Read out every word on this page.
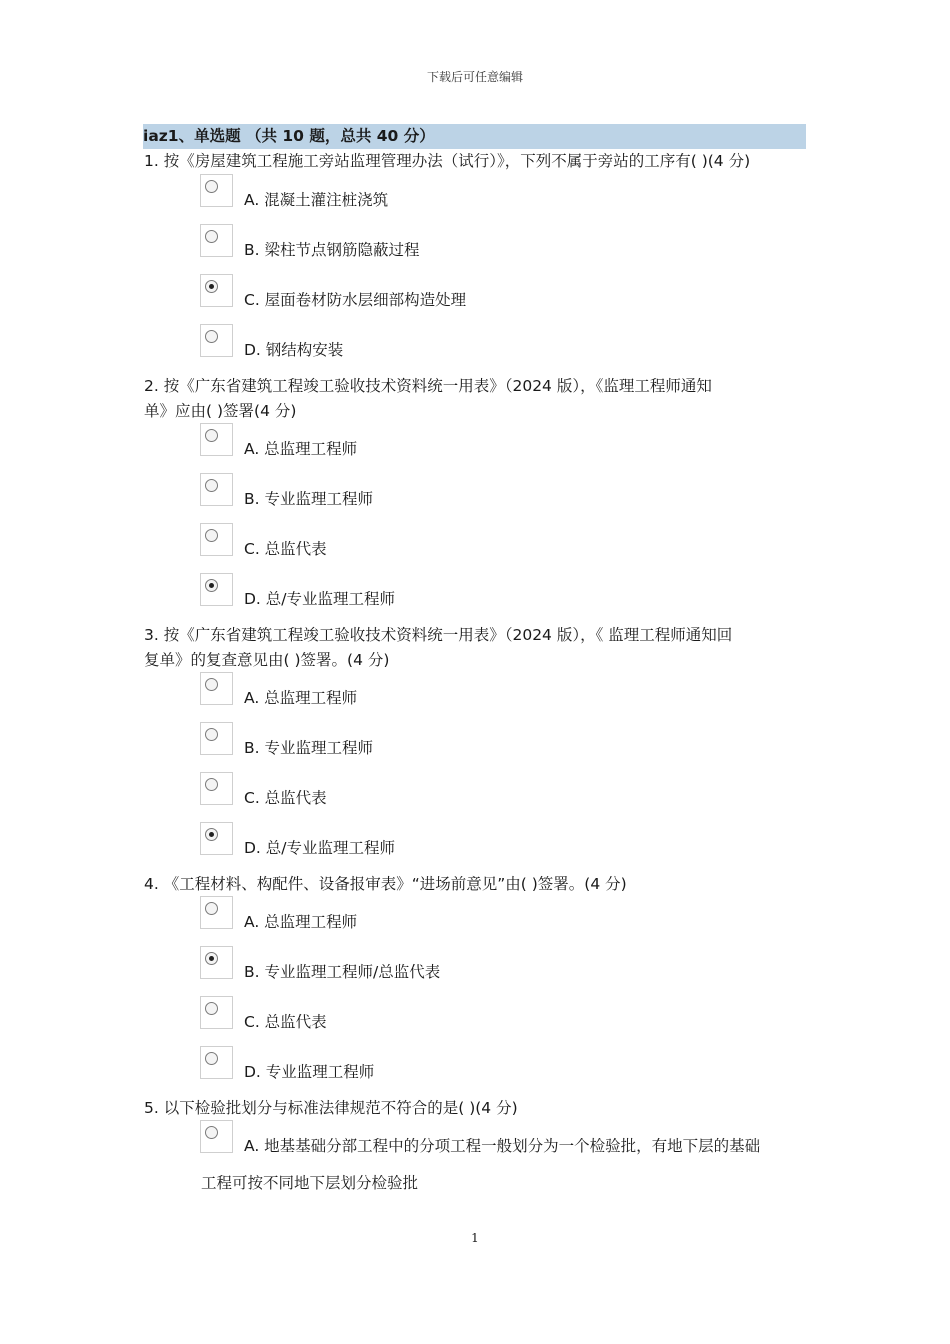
下载后可任意编辑
iaz1、单选题 （共 10 题，总共 40 分）
1. 按《房屋建筑工程施工旁站监理管理办法（试行）》，下列不属于旁站的工序有( )(4 分)
A. 混凝土灌注桩浇筑
B. 梁柱节点钢筋隐蔽过程
C. 屋面卷材防水层细部构造处理
D. 钢结构安装
2. 按《广东省建筑工程竣工验收技术资料统一用表》（2024 版），《监理工程师通知
单》应由( )签署(4 分)
A. 总监理工程师
B. 专业监理工程师
C. 总监代表
D. 总/专业监理工程师
3. 按《广东省建筑工程竣工验收技术资料统一用表》（2024 版），《 监理工程师通知回
复单》的复查意见由( )签署。(4 分)
A. 总监理工程师
B. 专业监理工程师
C. 总监代表
D. 总/专业监理工程师
4. 《工程材料、构配件、设备报审表》“进场前意见”由( )签署。(4 分)
A. 总监理工程师
B. 专业监理工程师/总监代表
C. 总监代表
D. 专业监理工程师
5. 以下检验批划分与标准法律规范不符合的是( )(4 分)
A. 地基基础分部工程中的分项工程一般划分为一个检验批，有地下层的基础
工程可按不同地下层划分检验批
1
